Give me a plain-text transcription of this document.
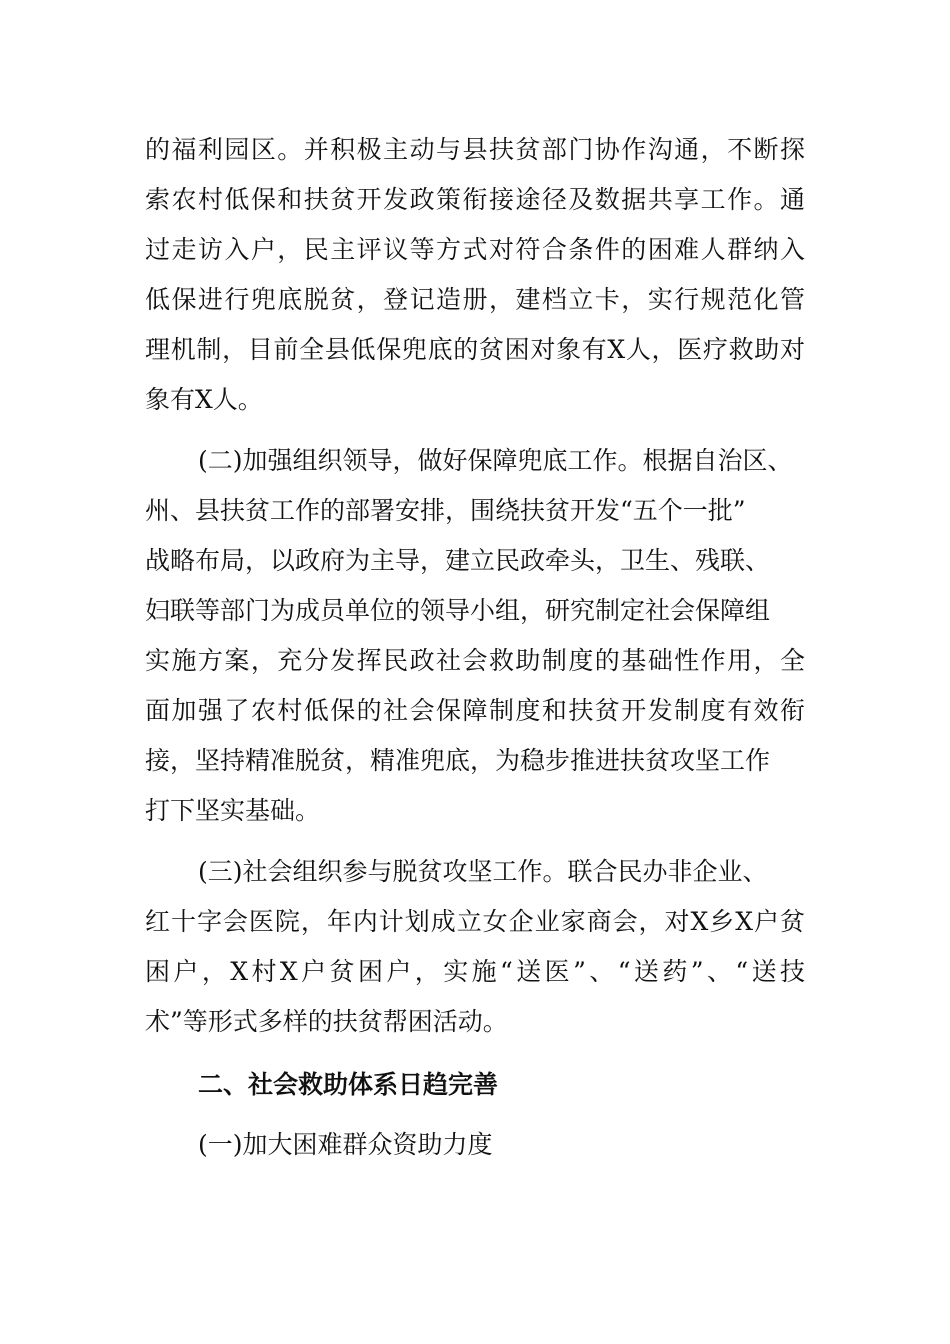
的福利园区。并积极主动与县扶贫部门协作沟通，不断探
索农村低保和扶贫开发政策衔接途径及数据共享工作。通
过走访入户，民主评议等方式对符合条件的困难人群纳入
低保进行兜底脱贫，登记造册，建档立卡，实行规范化管
理机制，目前全县低保兜底的贫困对象有X人，医疗救助对
象有X人。
(二)加强组织领导，做好保障兜底工作。根据自治区、
州、县扶贫工作的部署安排，围绕扶贫开发“五个一批”
战略布局，以政府为主导，建立民政牵头，卫生、残联、
妇联等部门为成员单位的领导小组，研究制定社会保障组
实施方案，充分发挥民政社会救助制度的基础性作用，全
面加强了农村低保的社会保障制度和扶贫开发制度有效衔
接，坚持精准脱贫，精准兜底，为稳步推进扶贫攻坚工作
打下坚实基础。
(三)社会组织参与脱贫攻坚工作。联合民办非企业、
红十字会医院，年内计划成立女企业家商会，对X乡X户贫
困户，X村X户贫困户，实施“送医”、“送药”、“送技
术”等形式多样的扶贫帮困活动。
二、社会救助体系日趋完善
(一)加大困难群众资助力度
